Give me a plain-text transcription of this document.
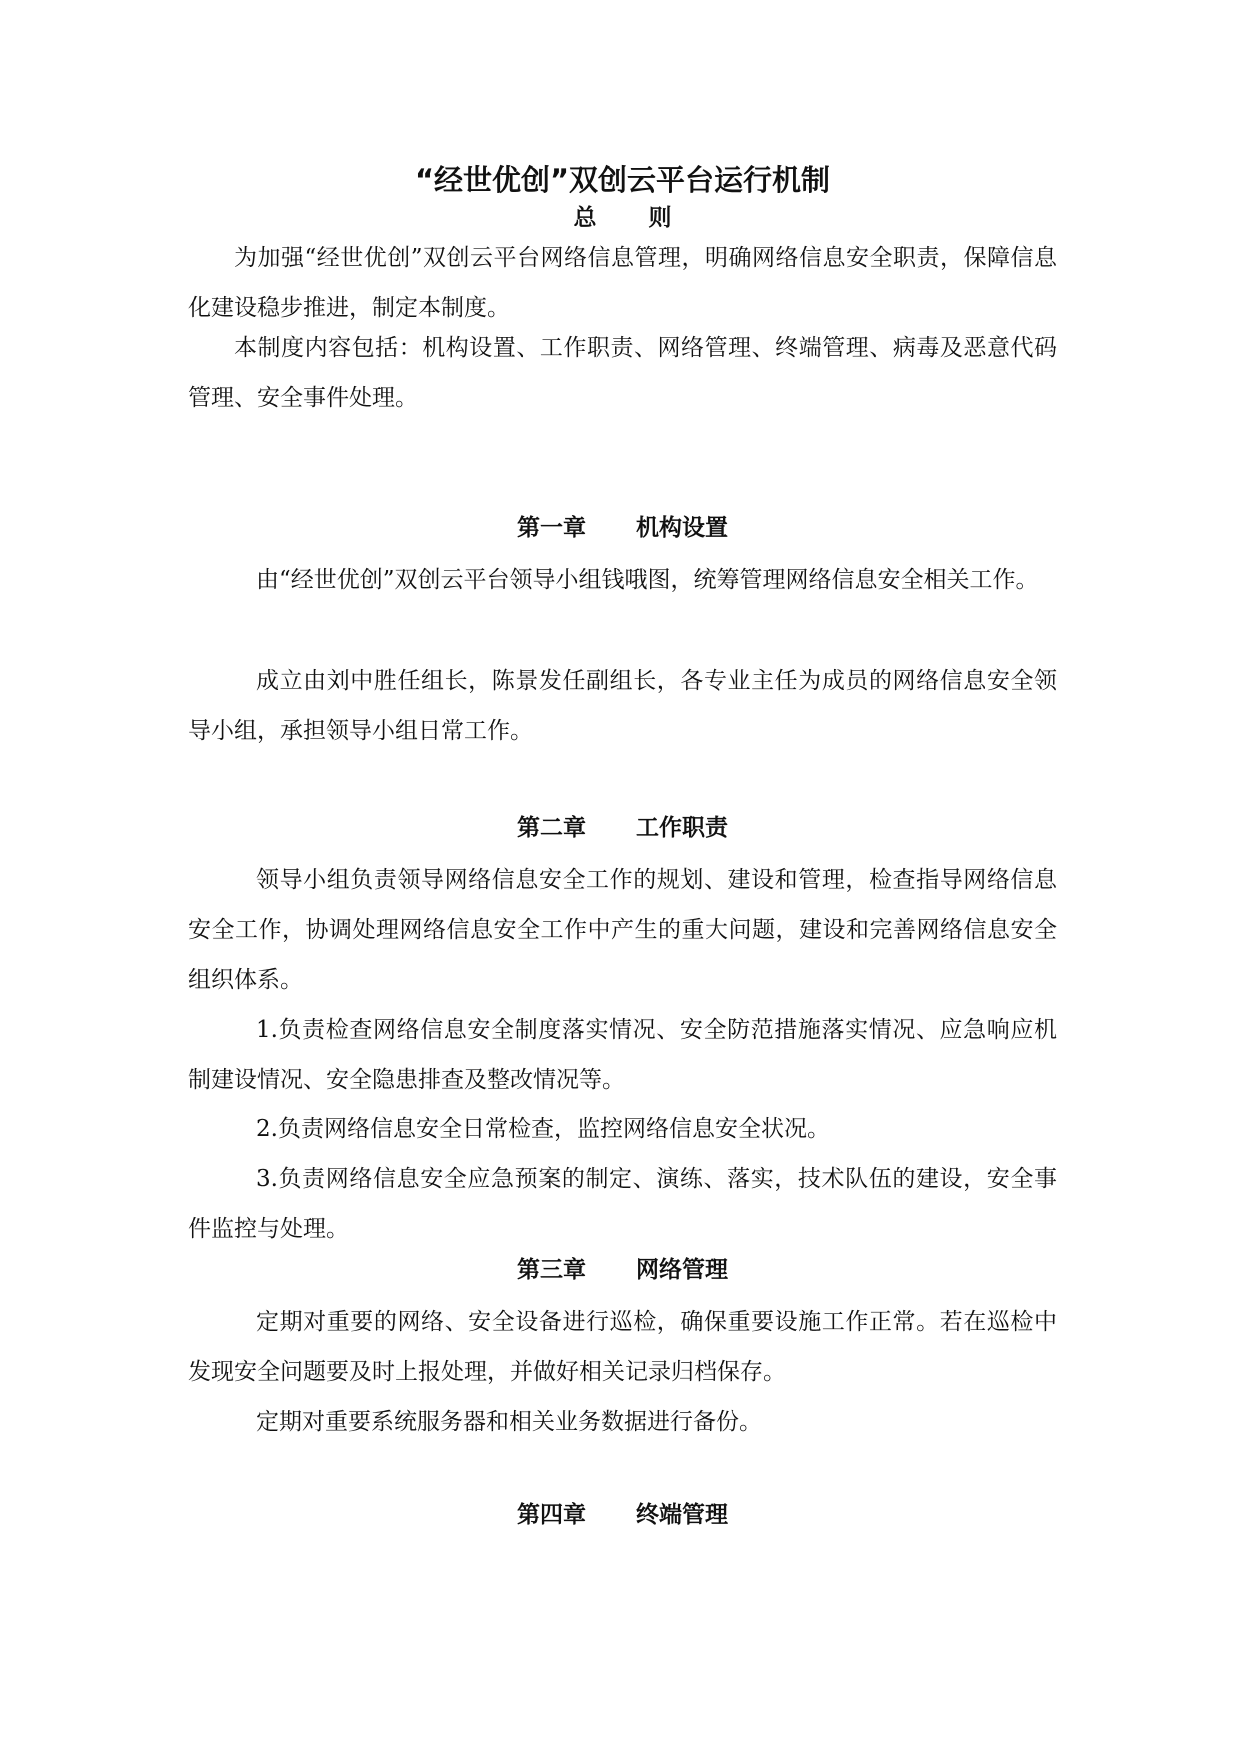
“经世优创”双创云平台运行机制
总 则

为加强“经世优创”双创云平台网络信息管理，明确网络信息安全职责，保障信息化建设稳步推进，制定本制度。

本制度内容包括：机构设置、工作职责、网络管理、终端管理、病毒及恶意代码管理、安全事件处理。

第一章 机构设置

由“经世优创”双创云平台领导小组钱哦图，统筹管理网络信息安全相关工作。

成立由刘中胜任组长，陈景发任副组长，各专业主任为成员的网络信息安全领导小组，承担领导小组日常工作。

第二章 工作职责

领导小组负责领导网络信息安全工作的规划、建设和管理，检查指导网络信息安全工作，协调处理网络信息安全工作中产生的重大问题，建设和完善网络信息安全组织体系。

1.负责检查网络信息安全制度落实情况、安全防范措施落实情况、应急响应机制建设情况、安全隐患排查及整改情况等。

2.负责网络信息安全日常检查，监控网络信息安全状况。

3.负责网络信息安全应急预案的制定、演练、落实，技术队伍的建设，安全事件监控与处理。

第三章 网络管理

定期对重要的网络、安全设备进行巡检，确保重要设施工作正常。若在巡检中发现安全问题要及时上报处理，并做好相关记录归档保存。

定期对重要系统服务器和相关业务数据进行备份。

第四章 终端管理
